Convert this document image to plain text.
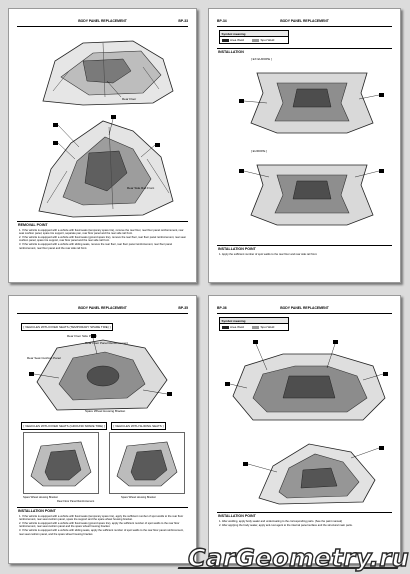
BODY PANEL REPLACEMENT	BP-33
Rear Floor
Rear Side Rail Front
REMOVAL POINT

1. If the vehicle is equipped with a vehicle with fixed seats (temporary spare tire), remove the rear floor, rear floor panel reinforcement, rear seat cushion panel, spare tire support, separate pan, rear floor panel and the rear side rail front.

2. If the vehicle is equipped with a vehicle with fixed seats (ground spare tire), remove the rear floor, rear floor panel reinforcement, rear seat cushion panel, spare tire support, rear floor panel and the rear side rail front.

3. If the vehicle is equipped with a vehicle with sliding seats, remove the rear floor, rear floor panel reinforcement, rear floor panel reinforcement, rear floor panel and the rear side rail front.

BP-34	BODY PANEL REPLACEMENT
Symbol meaning
Area Weld	Spot Weld
INSTALLATION
[ EX EUROPE ]
[ EUROPE ]
INSTALLATION POINT

1. Apply the sufficient number of spot welds to the rear floor and rear side rail front.

BODY PANEL REPLACEMENT	BP-35
[ VEHICLES WITH FIXED SEATS (TEMPORARY SPARE TIRE) ]
Rear Floor Side Panel
Rear Floor Panel Reinforcement
Rear Seat Cushion Panel
Spare Wheel Housing Bracket
[ VEHICLES WITH FIXED SEATS (GROUND SPARE TIRE) ]	[ VEHICLES WITH SLIDING SEATS ]
Spare Wheel Housing Bracket
Rear Floor Panel Reinforcement
Spare Wheel Housing Bracket
INSTALLATION POINT

1. If the vehicle is equipped with a vehicle with fixed seats (temporary spare tire), apply the sufficient number of spot welds to the rear floor reinforcement, rear seat cushion panel, spare tire support and the spare wheel housing bracket.

2. If the vehicle is equipped with a vehicle with fixed seats (ground spare tire), apply the sufficient number of spot welds to the rear floor reinforcement, rear seat cushion panel and the spare wheel housing bracket.

3. If the vehicle is equipped with a vehicle with sliding seats, apply the sufficient number of spot welds to the rear floor panel reinforcement, rear seat cushion panel, and the spare wheel housing bracket.

BP-36	BODY PANEL REPLACEMENT
Symbol meaning
Area Weld	Spot Weld
INSTALLATION POINT

1. After welding, apply body sealer and undercoating to the corresponding parts. (See the paint manual)

2. After applying the body sealer, apply anti-rust agent to the internal panel surface and the structural main parts.

CarGeometry.ru
